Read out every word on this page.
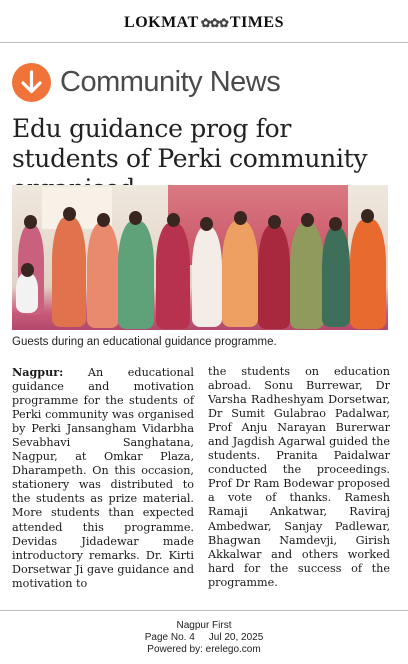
LOKMAT ✿✿✿ TIMES
Community News
Edu guidance prog for students of Perki community
Guests during an educational guidance programme.

Nagpur: An educational guidance and motivation programme for the students of Perki community was organised by Perki Jansangham Vidarbha Sevabhavi Sanghatana, Nagpur, at Omkar Plaza, Dharampeth. On this occasion, stationery was distributed to the students as prize material. More students than expected attended this programme. Devidas Jidadewar made introductory remarks. Dr. Kirti Dorsetwar Ji gave guidance and motivation to

the students on education abroad. Sonu Burrewar, Dr Varsha Radheshyam Dorsetwar, Dr Sumit Gulabrao Padalwar, Prof Anju Narayan Burerwar and Jagdish Agarwal guided the students. Pranita Paidalwar conducted the proceedings. Prof Dr Ram Bodewar proposed a vote of thanks. Ramesh Ramaji Ankatwar, Raviraj Ambedwar, Sanjay Padlewar, Bhagwan Namdevji, Girish Akkalwar and others worked hard for the success of the programme.

Nagpur First
Page No. 4 Jul 20, 2025
Powered by: erelego.com
